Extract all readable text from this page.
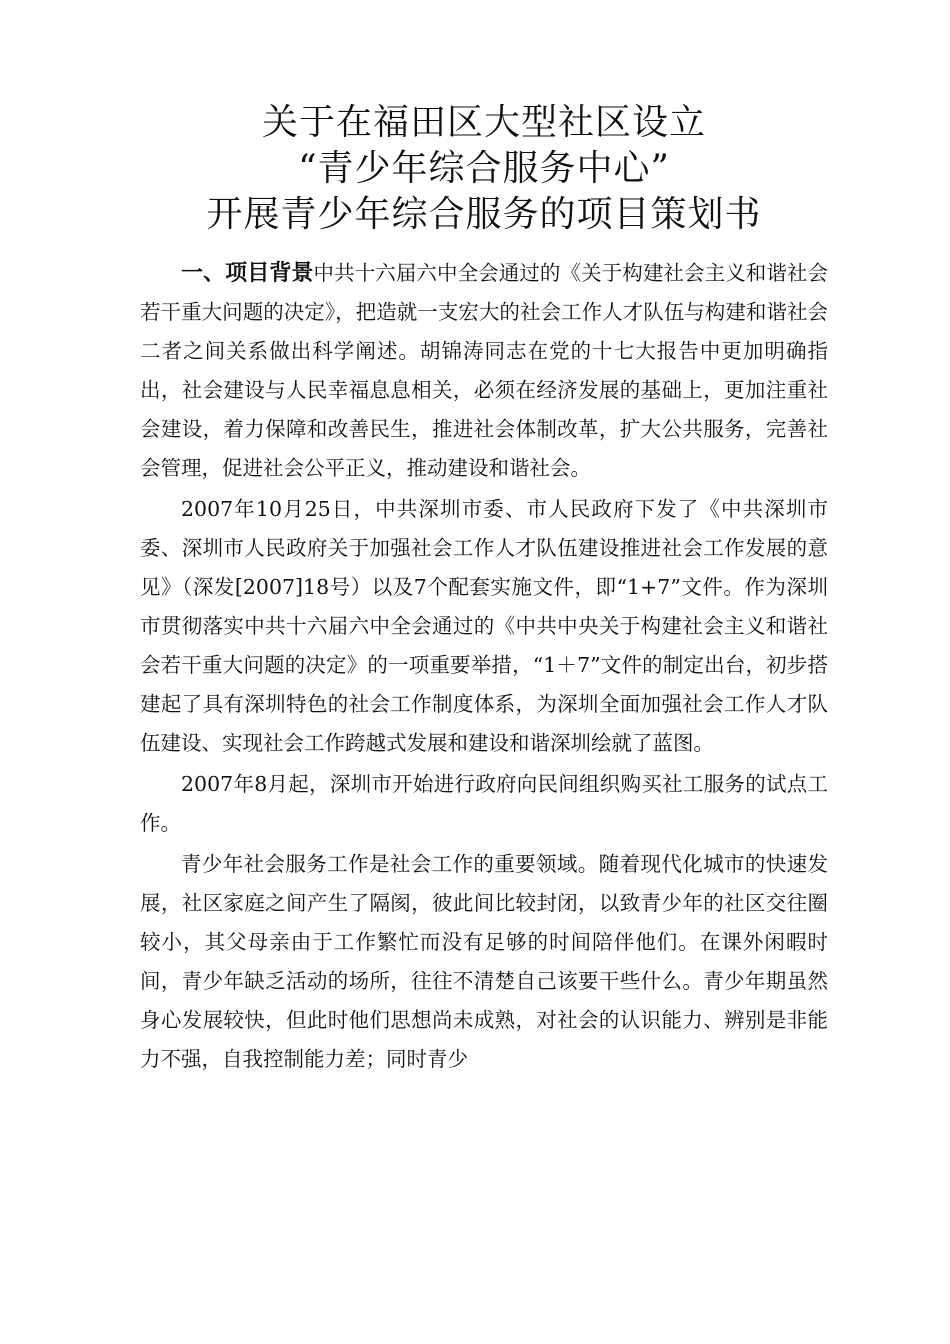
关于在福田区大型社区设立
“青少年综合服务中心”
开展青少年综合服务的项目策划书

一、项目背景中共十六届六中全会通过的《关于构建社会主义和谐社会若干重大问题的决定》，把造就一支宏大的社会工作人才队伍与构建和谐社会二者之间关系做出科学阐述。胡锦涛同志在党的十七大报告中更加明确指出，社会建设与人民幸福息息相关，必须在经济发展的基础上，更加注重社会建设，着力保障和改善民生，推进社会体制改革，扩大公共服务，完善社会管理，促进社会公平正义，推动建设和谐社会。

2007年10月25日，中共深圳市委、市人民政府下发了《中共深圳市委、深圳市人民政府关于加强社会工作人才队伍建设推进社会工作发展的意见》（深发[2007]18号）以及7个配套实施文件，即“1+7”文件。作为深圳市贯彻落实中共十六届六中全会通过的《中共中央关于构建社会主义和谐社会若干重大问题的决定》的一项重要举措，“1＋7”文件的制定出台，初步搭建起了具有深圳特色的社会工作制度体系，为深圳全面加强社会工作人才队伍建设、实现社会工作跨越式发展和建设和谐深圳绘就了蓝图。

2007年8月起，深圳市开始进行政府向民间组织购买社工服务的试点工作。

青少年社会服务工作是社会工作的重要领域。随着现代化城市的快速发展，社区家庭之间产生了隔阂，彼此间比较封闭，以致青少年的社区交往圈较小，其父母亲由于工作繁忙而没有足够的时间陪伴他们。在课外闲暇时间，青少年缺乏活动的场所，往往不清楚自己该要干些什么。青少年期虽然身心发展较快，但此时他们思想尚未成熟，对社会的认识能力、辨别是非能力不强，自我控制能力差；同时青少
